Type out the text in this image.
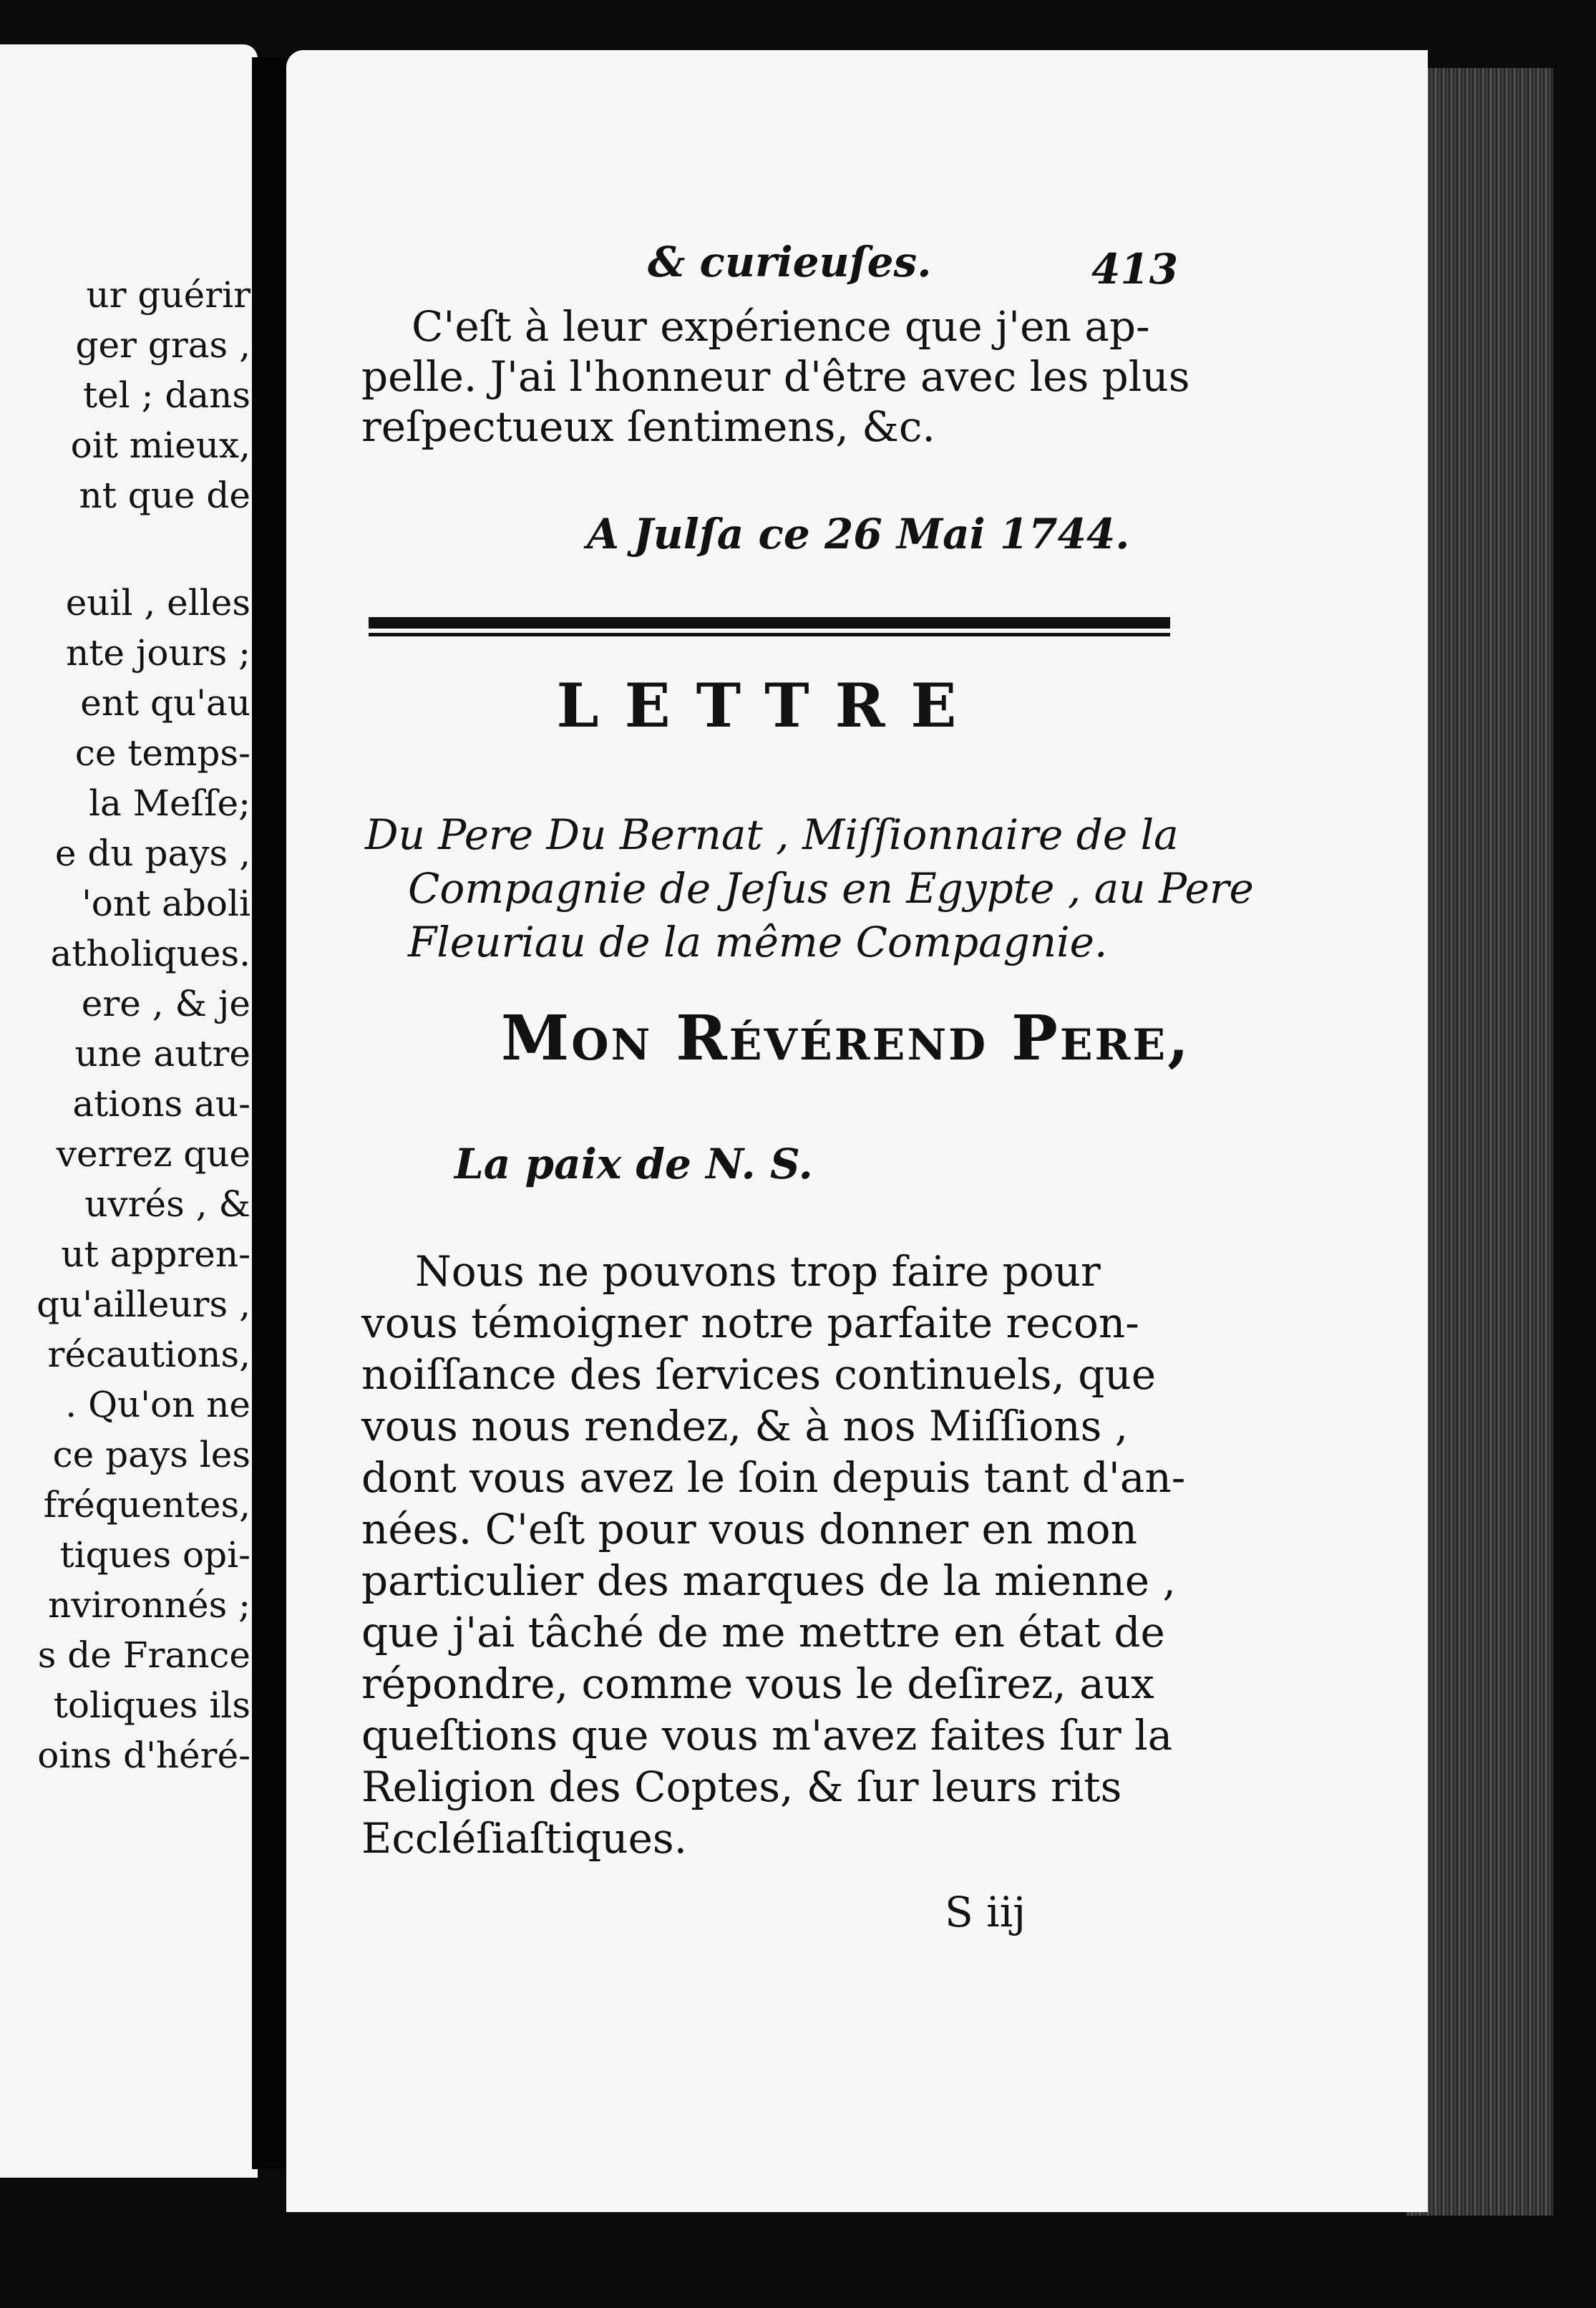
ur guérir
ger gras ,
tel ; dans
oit mieux,
nt que de
euil , elles
nte jours ;
ent qu'au
ce temps-
la Meſſe;
e du pays ,
'ont aboli
atholiques.
ere , & je
une autre
ations au-
verrez que
uvrés , &
ut appren-
qu'ailleurs ,
récautions,
. Qu'on ne
ce pays les
fréquentes,
tiques opi-
nvironnés ;
s de France
toliques ils
oins d'héré-
& curieuſes.	413
C'eſt à leur expérience que j'en ap-
pelle. J'ai l'honneur d'être avec les plus
reſpectueux ſentimens, &c.
A Julſa ce 26 Mai 1744.
LETTRE
Du Pere Du Bernat , Miſſionnaire de la
Compagnie de Jeſus en Egypte , au Pere
Fleuriau de la même Compagnie.
Mon Révérend Pere,
La paix de N. S.
Nous ne pouvons trop faire pour
vous témoigner notre parfaite recon-
noiſſance des ſervices continuels, que
vous nous rendez, & à nos Miſſions ,
dont vous avez le ſoin depuis tant d'an-
nées. C'eſt pour vous donner en mon
particulier des marques de la mienne ,
que j'ai tâché de me mettre en état de
répondre, comme vous le deſirez, aux
queſtions que vous m'avez faites ſur la
Religion des Coptes, & ſur leurs rits
Eccléſiaſtiques.
S iij
